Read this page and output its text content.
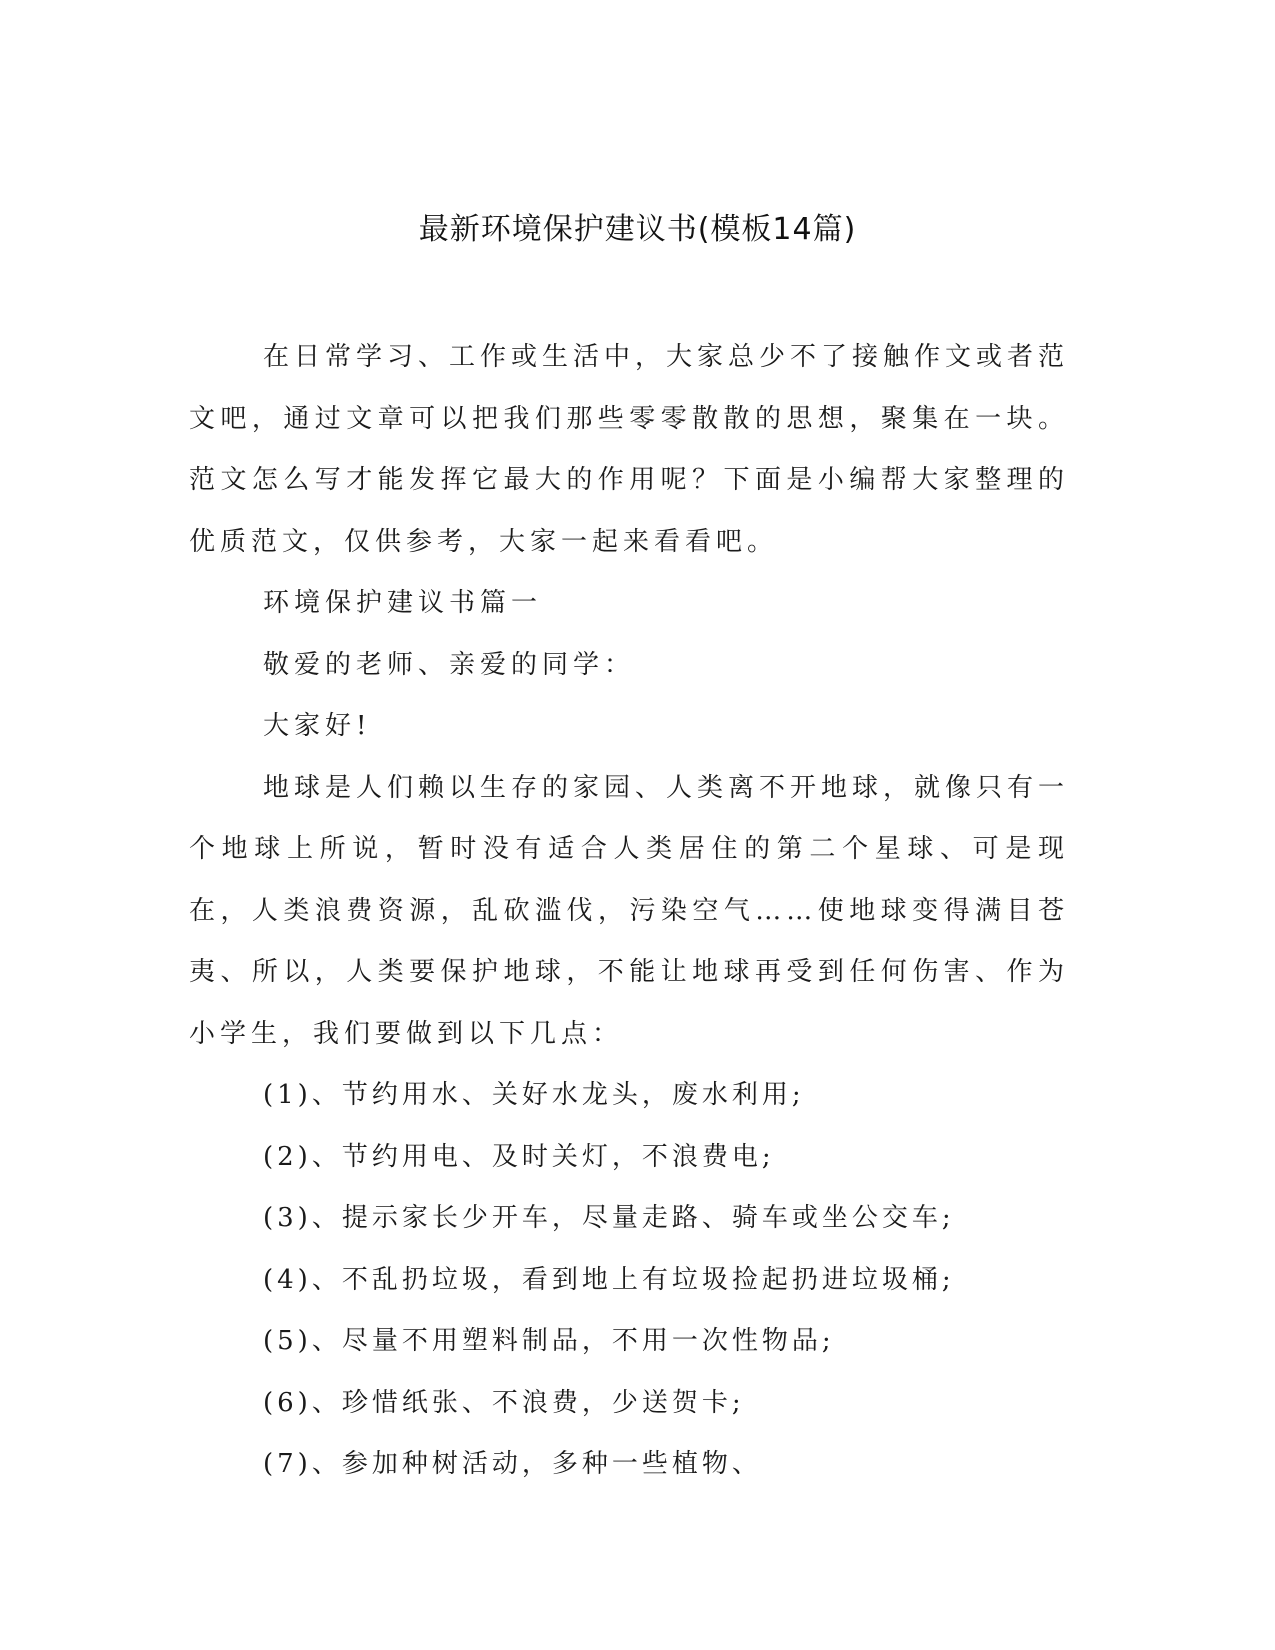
最新环境保护建议书(模板14篇)

在日常学习、工作或生活中，大家总少不了接触作文或者范文吧，通过文章可以把我们那些零零散散的思想，聚集在一块。范文怎么写才能发挥它最大的作用呢？下面是小编帮大家整理的优质范文，仅供参考，大家一起来看看吧。

环境保护建议书篇一

敬爱的老师、亲爱的同学：

大家好!

地球是人们赖以生存的家园、人类离不开地球，就像只有一个地球上所说，暂时没有适合人类居住的第二个星球、可是现在，人类浪费资源，乱砍滥伐，污染空气……使地球变得满目苍夷、所以，人类要保护地球，不能让地球再受到任何伤害、作为小学生，我们要做到以下几点：

(1)、节约用水、关好水龙头，废水利用;

(2)、节约用电、及时关灯，不浪费电;

(3)、提示家长少开车，尽量走路、骑车或坐公交车;

(4)、不乱扔垃圾，看到地上有垃圾捡起扔进垃圾桶;

(5)、尽量不用塑料制品，不用一次性物品;

(6)、珍惜纸张、不浪费，少送贺卡;

(7)、参加种树活动，多种一些植物、
